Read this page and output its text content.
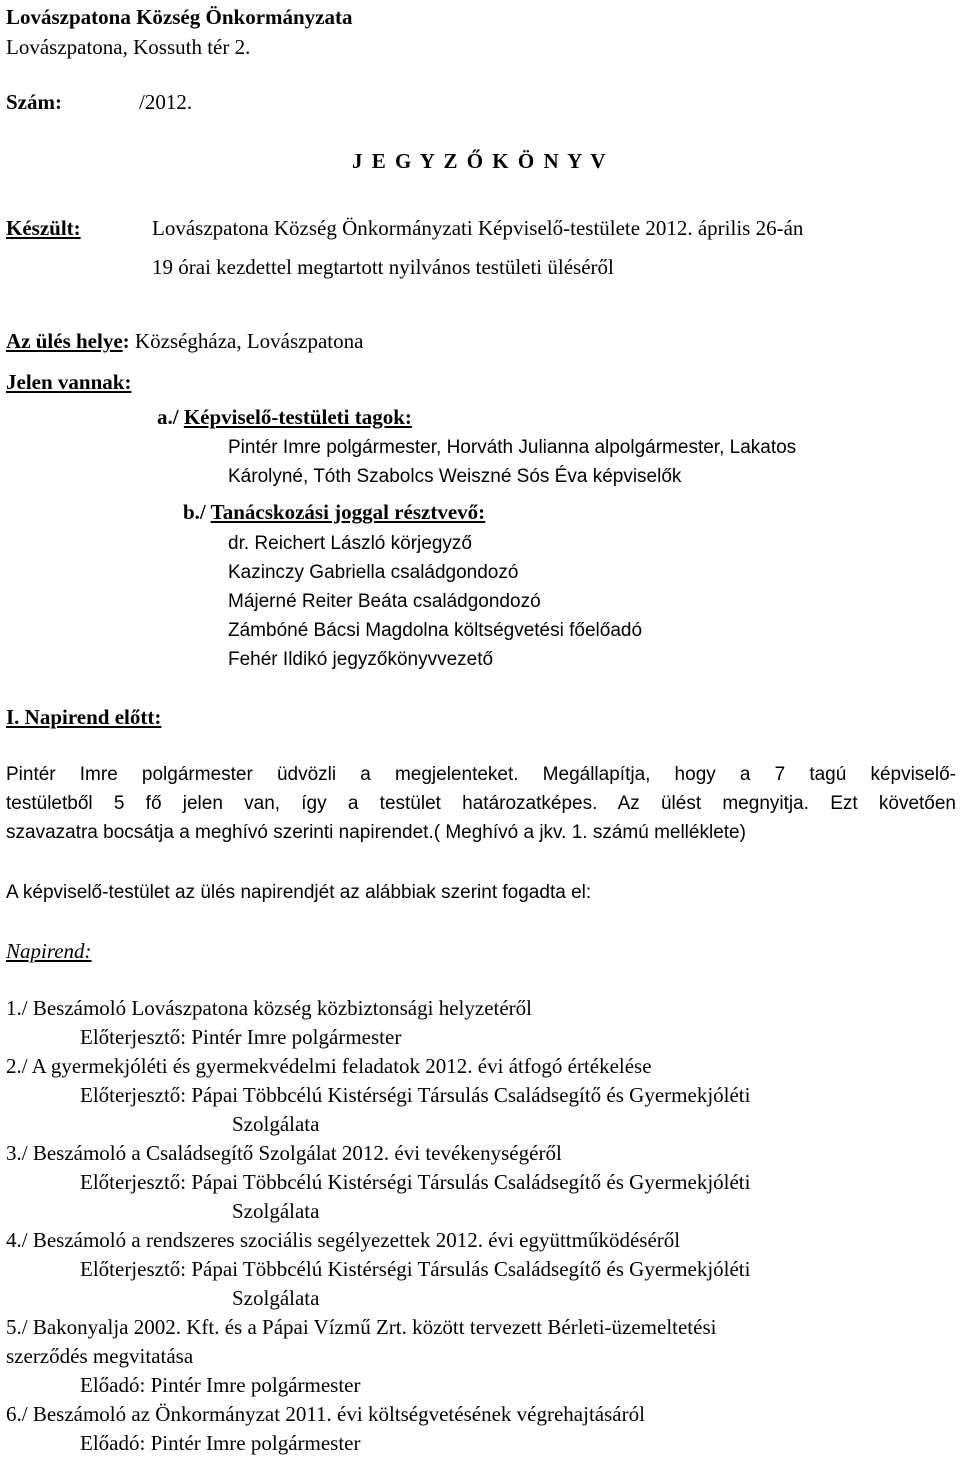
Lovászpatona Község Önkormányzata
Lovászpatona, Kossuth tér 2.
Szám:	/2012.
J E G Y Z Ő K Ö N Y V
Készült:	Lovászpatona Község Önkormányzati Képviselő-testülete 2012. április 26-án
19 órai kezdettel megtartott nyilvános testületi üléséről
Az ülés helye: Községháza, Lovászpatona
Jelen vannak:
a./ Képviselő-testületi tagok:
Pintér Imre polgármester, Horváth Julianna alpolgármester, Lakatos
Károlyné, Tóth Szabolcs Weiszné Sós Éva képviselők
b./ Tanácskozási joggal résztvevő:
dr. Reichert László körjegyző
Kazinczy Gabriella családgondozó
Májerné Reiter Beáta családgondozó
Zámbóné Bácsi Magdolna költségvetési főelőadó
Fehér Ildikó jegyzőkönyvvezető
I. Napirend előtt:
Pintér Imre polgármester üdvözli a megjelenteket. Megállapítja, hogy a 7 tagú képviselő-
testületből 5 fő jelen van, így a testület határozatképes. Az ülést megnyitja. Ezt követően
szavazatra bocsátja a meghívó szerinti napirendet.( Meghívó a jkv. 1. számú melléklete)
A képviselő-testület az ülés napirendjét az alábbiak szerint fogadta el:
Napirend:
1./ Beszámoló Lovászpatona község közbiztonsági helyzetéről
Előterjesztő: Pintér Imre polgármester
2./ A gyermekjóléti és gyermekvédelmi feladatok 2012. évi átfogó értékelése
Előterjesztő: Pápai Többcélú Kistérségi Társulás Családsegítő és Gyermekjóléti
Szolgálata
3./ Beszámoló a Családsegítő Szolgálat 2012. évi tevékenységéről
Előterjesztő: Pápai Többcélú Kistérségi Társulás Családsegítő és Gyermekjóléti
Szolgálata
4./ Beszámoló a rendszeres szociális segélyezettek 2012. évi együttműködéséről
Előterjesztő: Pápai Többcélú Kistérségi Társulás Családsegítő és Gyermekjóléti
Szolgálata
5./ Bakonyalja 2002. Kft. és a Pápai Vízmű Zrt. között tervezett Bérleti-üzemeltetési
szerződés megvitatása
Előadó: Pintér Imre polgármester
6./ Beszámoló az Önkormányzat 2011. évi költségvetésének végrehajtásáról
Előadó: Pintér Imre polgármester
